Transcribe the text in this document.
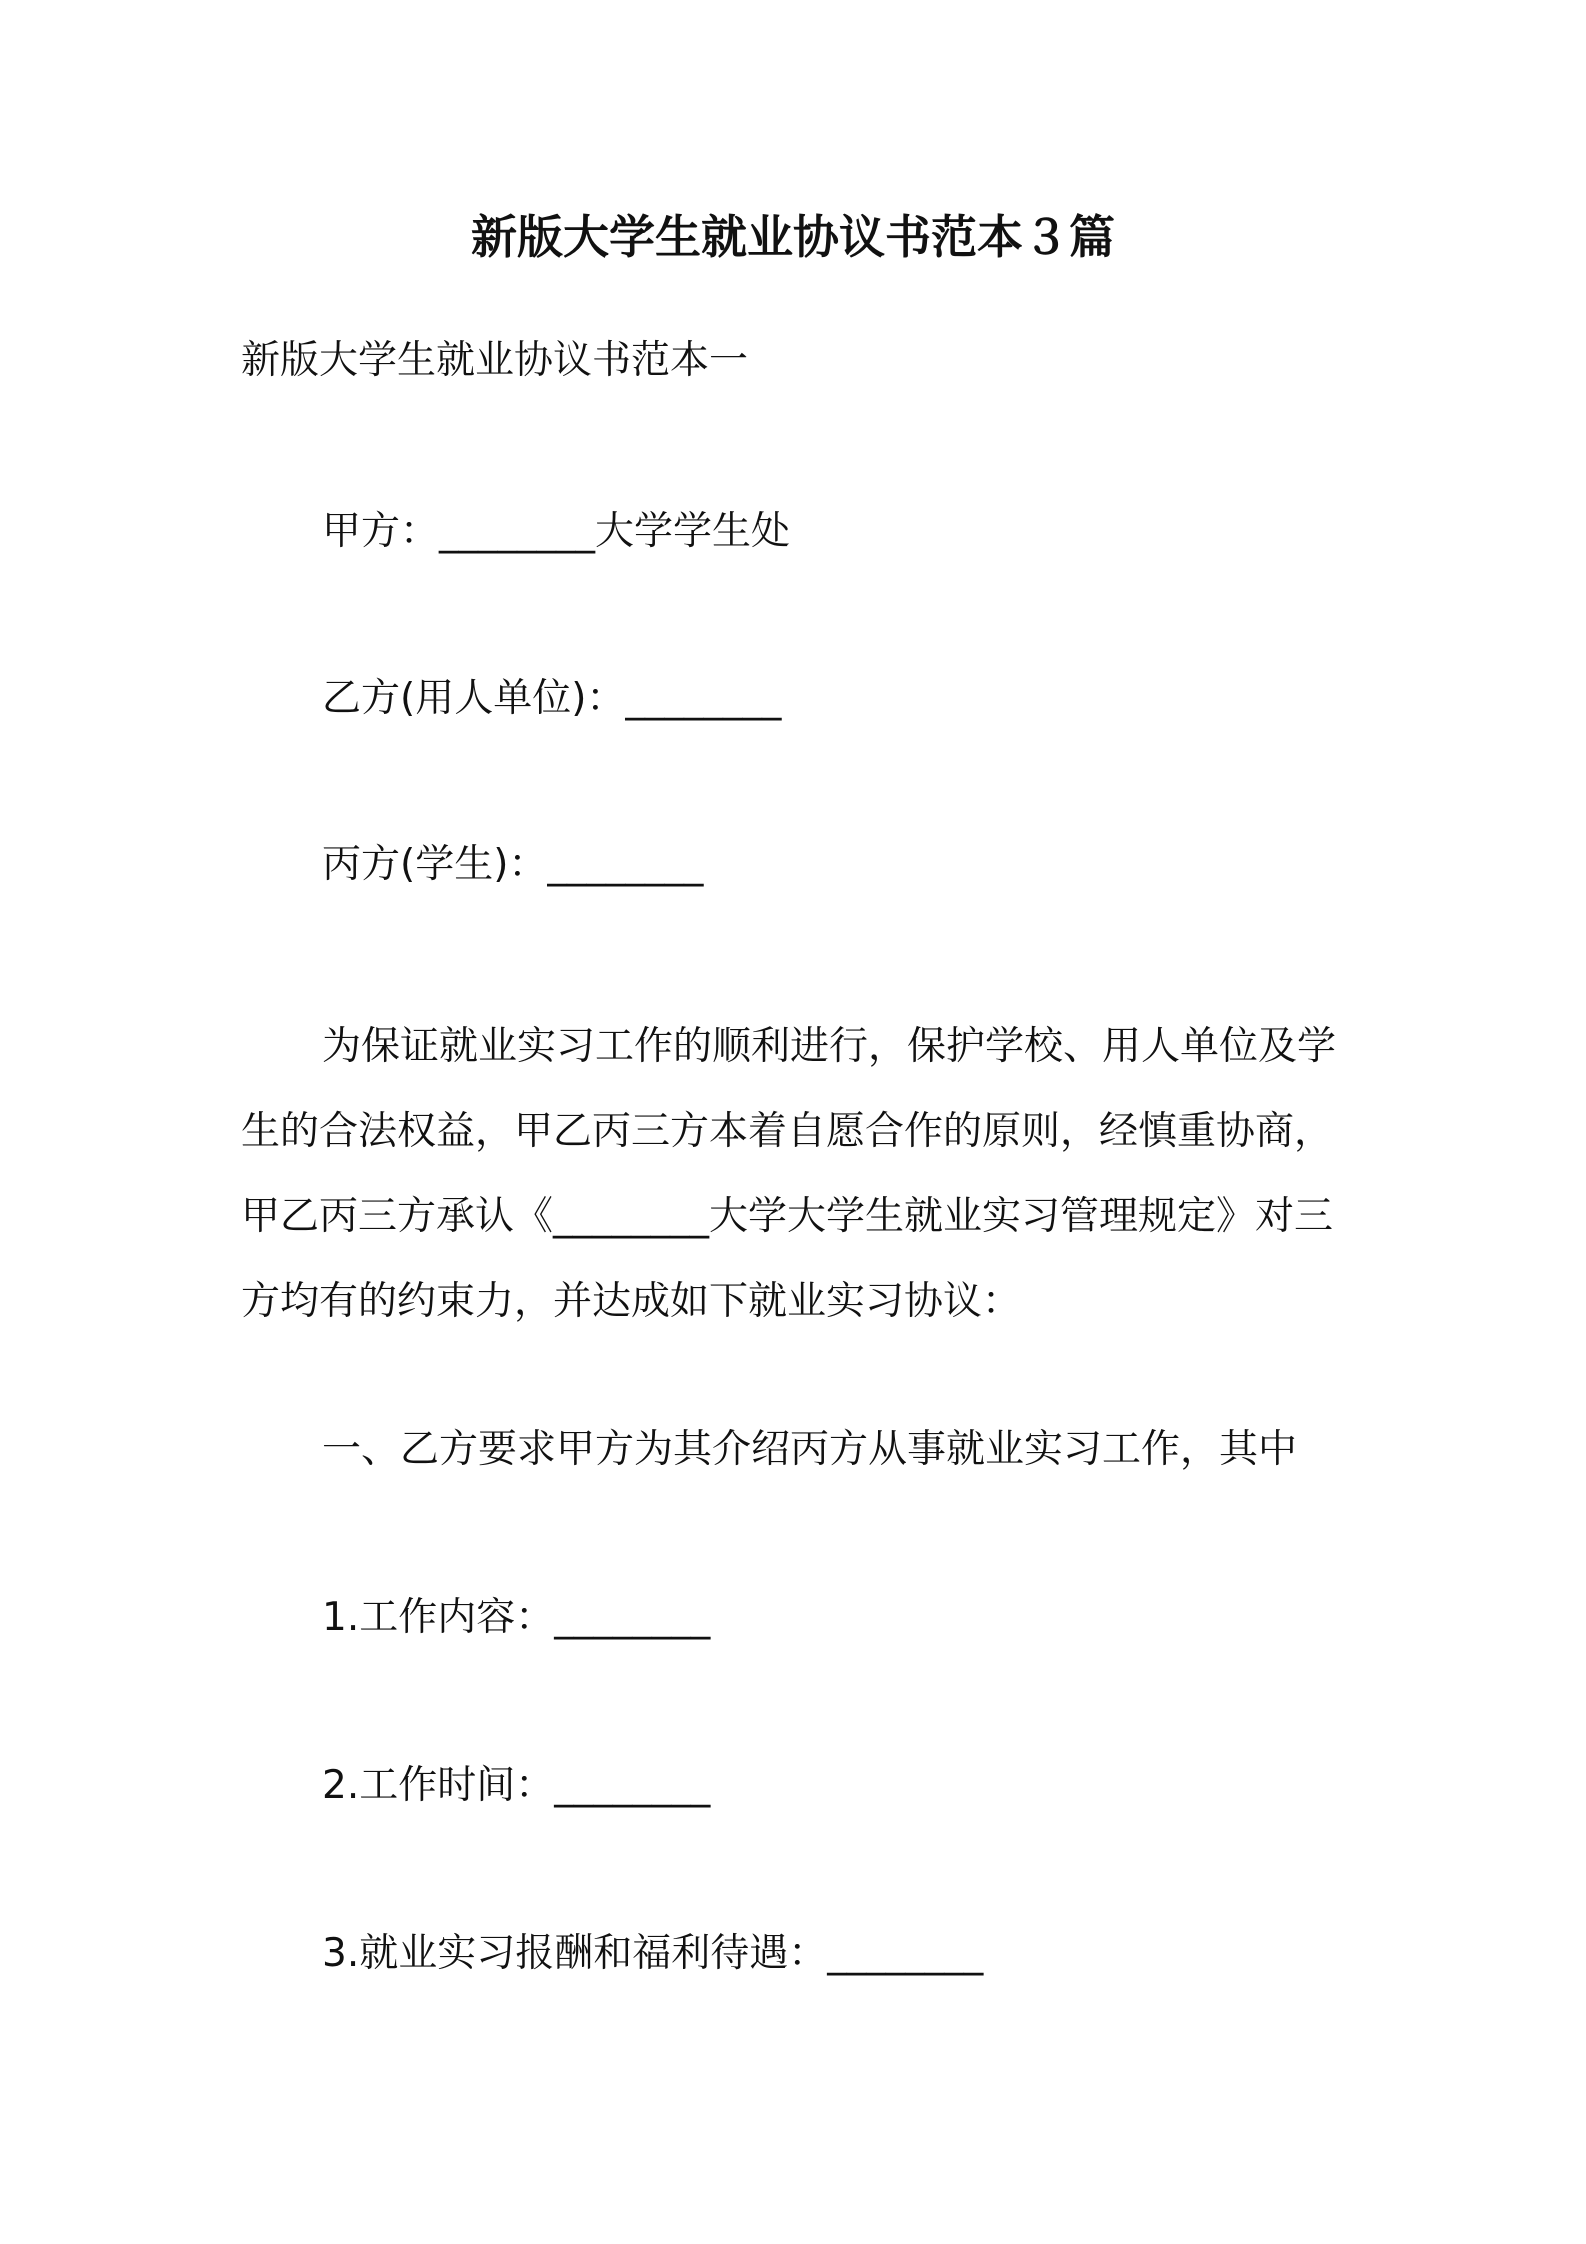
新版大学生就业协议书范本３篇
新版大学生就业协议书范本一
甲方：________大学学生处
乙方(用人单位)：________
丙方(学生)：________
为保证就业实习工作的顺利进行，保护学校、用人单位及学
生的合法权益，甲乙丙三方本着自愿合作的原则，经慎重协商，
甲乙丙三方承认《________大学大学生就业实习管理规定》对三
方均有的约束力，并达成如下就业实习协议：
一、乙方要求甲方为其介绍丙方从事就业实习工作，其中
1.工作内容：________
2.工作时间：________
3.就业实习报酬和福利待遇：________
